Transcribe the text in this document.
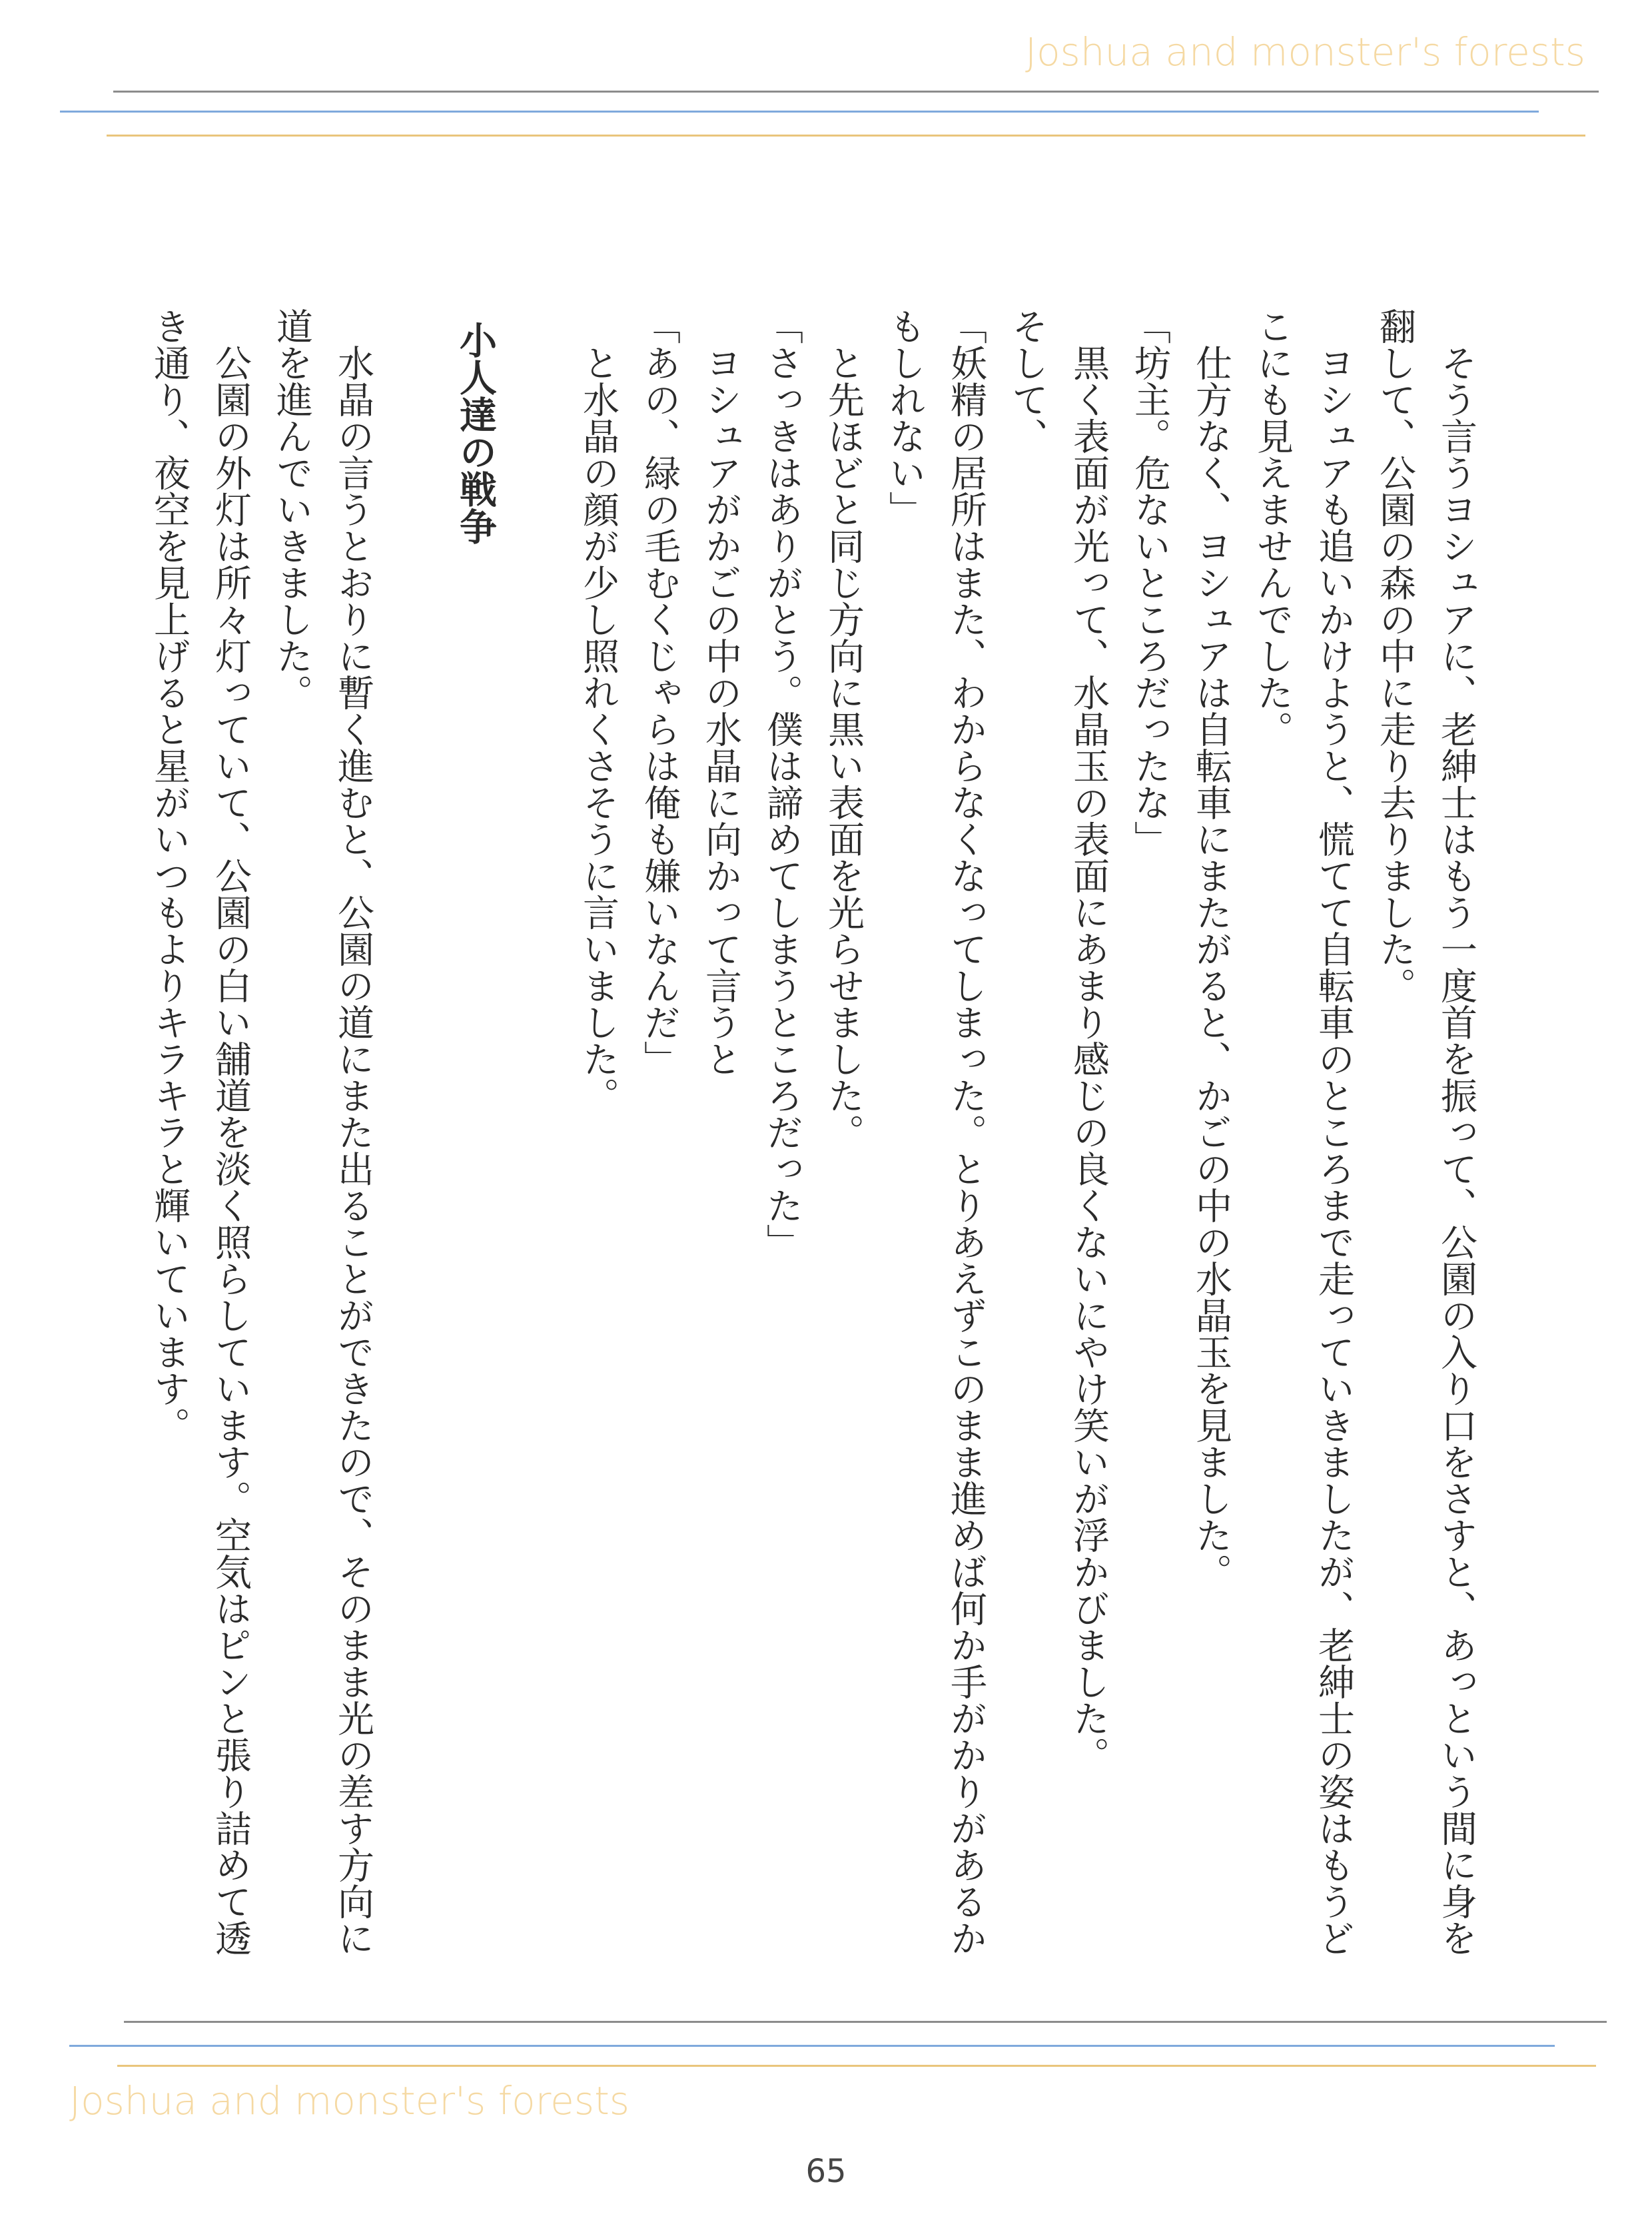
Joshua and monster's forests

そう言うヨシュアに、老紳士はもう一度首を振って、公園の入り口をさすと、あっという間に身を翻して、公園の森の中に走り去りました。

ヨシュアも追いかけようと、慌てて自転車のところまで走っていきましたが、老紳士の姿はもうどこにも見えませんでした。

仕方なく、ヨシュアは自転車にまたがると、かごの中の水晶玉を見ました。

「坊主。危ないところだったな」

黒く表面が光って、水晶玉の表面にあまり感じの良くないにやけ笑いが浮かびました。

そして、

「妖精の居所はまた、わからなくなってしまった。とりあえずこのまま進めば何か手がかりがあるかもしれない」

と先ほどと同じ方向に黒い表面を光らせました。

「さっきはありがとう。僕は諦めてしまうところだった」

ヨシュアがかごの中の水晶に向かって言うと

「あの、緑の毛むくじゃらは俺も嫌いなんだ」

と水晶の顔が少し照れくさそうに言いました。

小人達の戦争

水晶の言うとおりに暫く進むと、公園の道にまた出ることができたので、そのまま光の差す方向に道を進んでいきました。

公園の外灯は所々灯っていて、公園の白い舗道を淡く照らしています。空気はピンと張り詰めて透き通り、夜空を見上げると星がいつもよりキラキラと輝いています。

Joshua and monster's forests
65
